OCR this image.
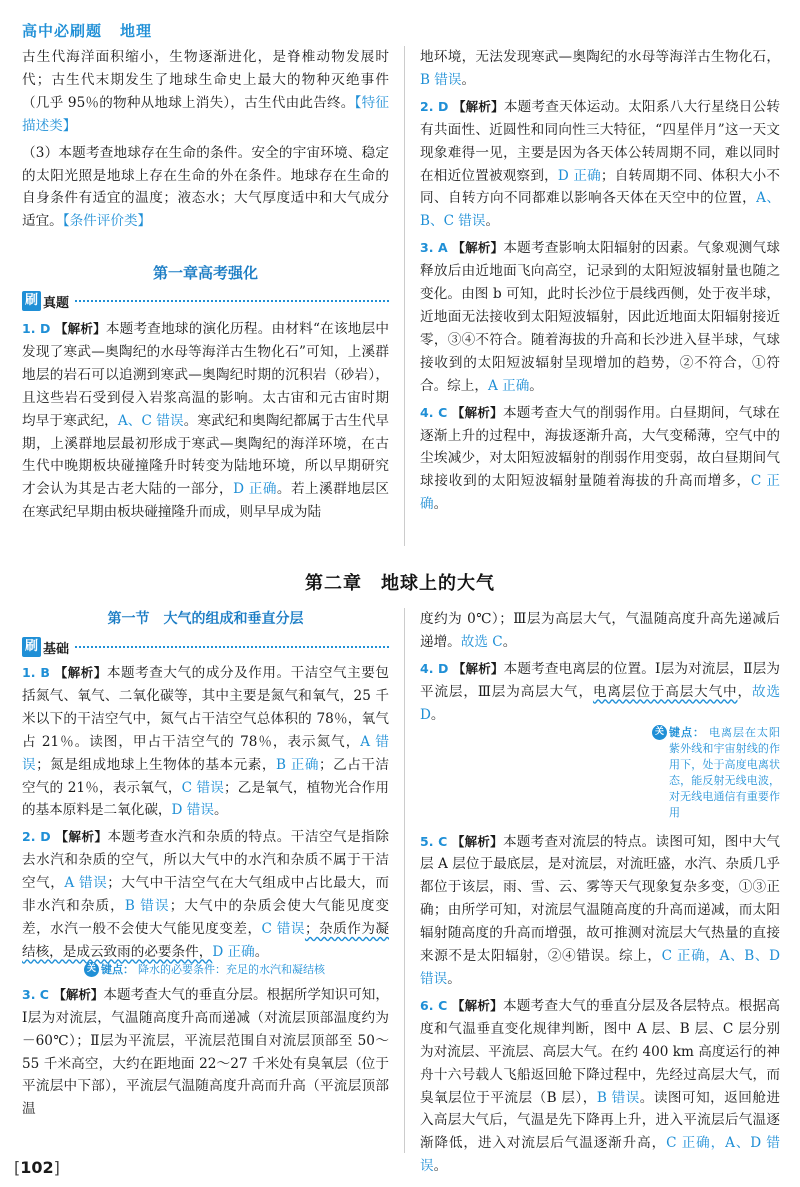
高中必刷题 地理

古生代海洋面积缩小，生物逐渐进化，是脊椎动物发展时代；古生代末期发生了地球生命史上最大的物种灭绝事件（几乎 95％的物种从地球上消失），古生代由此告终。【特征描述类】

（3）本题考查地球存在生命的条件。安全的宇宙环境、稳定的太阳光照是地球上存在生命的外在条件。地球存在生命的自身条件有适宜的温度；液态水；大气厚度适中和大气成分适宜。【条件评价类】

第一章高考强化
刷 真题

1. D 【解析】本题考查地球的演化历程。由材料“在该地层中发现了寒武—奥陶纪的水母等海洋古生物化石”可知，上溪群地层的岩石可以追溯到寒武—奥陶纪时期的沉积岩（砂岩），且这些岩石受到侵入岩浆高温的影响。太古宙和元古宙时期均早于寒武纪，A、C 错误。寒武纪和奥陶纪都属于古生代早期，上溪群地层最初形成于寒武—奥陶纪的海洋环境，在古生代中晚期板块碰撞隆升时转变为陆地环境，所以早期研究才会认为其是古老大陆的一部分，D 正确。若上溪群地层区在寒武纪早期由板块碰撞隆升而成，则早早成为陆

地环境，无法发现寒武—奥陶纪的水母等海洋古生物化石，B 错误。

2. D 【解析】本题考查天体运动。太阳系八大行星绕日公转有共面性、近圆性和同向性三大特征，“四星伴月”这一天文现象难得一见，主要是因为各天体公转周期不同，难以同时在相近位置被观察到，D 正确；自转周期不同、体积大小不同、自转方向不同都难以影响各天体在天空中的位置，A、B、C 错误。

3. A 【解析】本题考查影响太阳辐射的因素。气象观测气球释放后由近地面飞向高空，记录到的太阳短波辐射量也随之变化。由图 b 可知，此时长沙位于晨线西侧，处于夜半球，近地面无法接收到太阳短波辐射，因此近地面太阳辐射接近零，③④不符合。随着海拔的升高和长沙进入昼半球，气球接收到的太阳短波辐射呈现增加的趋势，②不符合，①符合。综上，A 正确。

4. C 【解析】本题考查大气的削弱作用。白昼期间，气球在逐渐上升的过程中，海拔逐渐升高，大气变稀薄，空气中的尘埃减少，对太阳短波辐射的削弱作用变弱，故白昼期间气球接收到的太阳短波辐射量随着海拔的升高而增多，C 正确。

第二章　地球上的大气
第一节　大气的组成和垂直分层
刷 基础

1. B 【解析】本题考查大气的成分及作用。干洁空气主要包括氮气、氧气、二氧化碳等，其中主要是氮气和氧气，25 千米以下的干洁空气中，氮气占干洁空气总体积的 78％，氧气占 21％。读图，甲占干洁空气的 78％，表示氮气，A 错误；氮是组成地球上生物体的基本元素，B 正确；乙占干洁空气的 21％，表示氧气，C 错误；乙是氧气，植物光合作用的基本原料是二氧化碳，D 错误。

2. D 【解析】本题考查水汽和杂质的特点。干洁空气是指除去水汽和杂质的空气，所以大气中的水汽和杂质不属于干洁空气，A 错误；大气中干洁空气在大气组成中占比最大，而非水汽和杂质，B 错误；大气中的杂质会使大气能见度变差，水汽一般不会使大气能见度变差，C 错误；杂质作为凝结核，是成云致雨的必要条件，D 正确。

关 键点： 降水的必要条件：充足的水汽和凝结核

3. C 【解析】本题考查大气的垂直分层。根据所学知识可知，Ⅰ层为对流层，气温随高度升高而递减（对流层顶部温度约为－60℃）；Ⅱ层为平流层，平流层范围自对流层顶部至 50～55 千米高空，大约在距地面 22～27 千米处有臭氧层（位于平流层中下部），平流层气温随高度升高而升高（平流层顶部温

度约为 0℃）；Ⅲ层为高层大气，气温随高度升高先递减后递增。故选 C。

4. D 【解析】本题考查电离层的位置。Ⅰ层为对流层，Ⅱ层为平流层，Ⅲ层为高层大气，电离层位于高层大气中，故选 D。

关 键点： 电离层在太阳紫外线和宇宙射线的作用下，处于高度电离状态，能反射无线电波，对无线电通信有重要作用

5. C 【解析】本题考查对流层的特点。读图可知，图中大气层 A 层位于最底层，是对流层，对流旺盛，水汽、杂质几乎都位于该层，雨、雪、云、雾等天气现象复杂多变，①③正确；由所学可知，对流层气温随高度的升高而递减，而太阳辐射随高度的升高而增强，故可推测对流层大气热量的直接来源不是太阳辐射，②④错误。综上，C 正确，A、B、D 错误。

6. C 【解析】本题考查大气的垂直分层及各层特点。根据高度和气温垂直变化规律判断，图中 A 层、B 层、C 层分别为对流层、平流层、高层大气。在约 400 km 高度运行的神舟十六号载人飞船返回舱下降过程中，先经过高层大气，而臭氧层位于平流层（B 层），B 错误。读图可知，返回舱进入高层大气后，气温是先下降再上升，进入平流层后气温逐渐降低，进入对流层后气温逐渐升高，C 正确，A、D 错误。

[102]
